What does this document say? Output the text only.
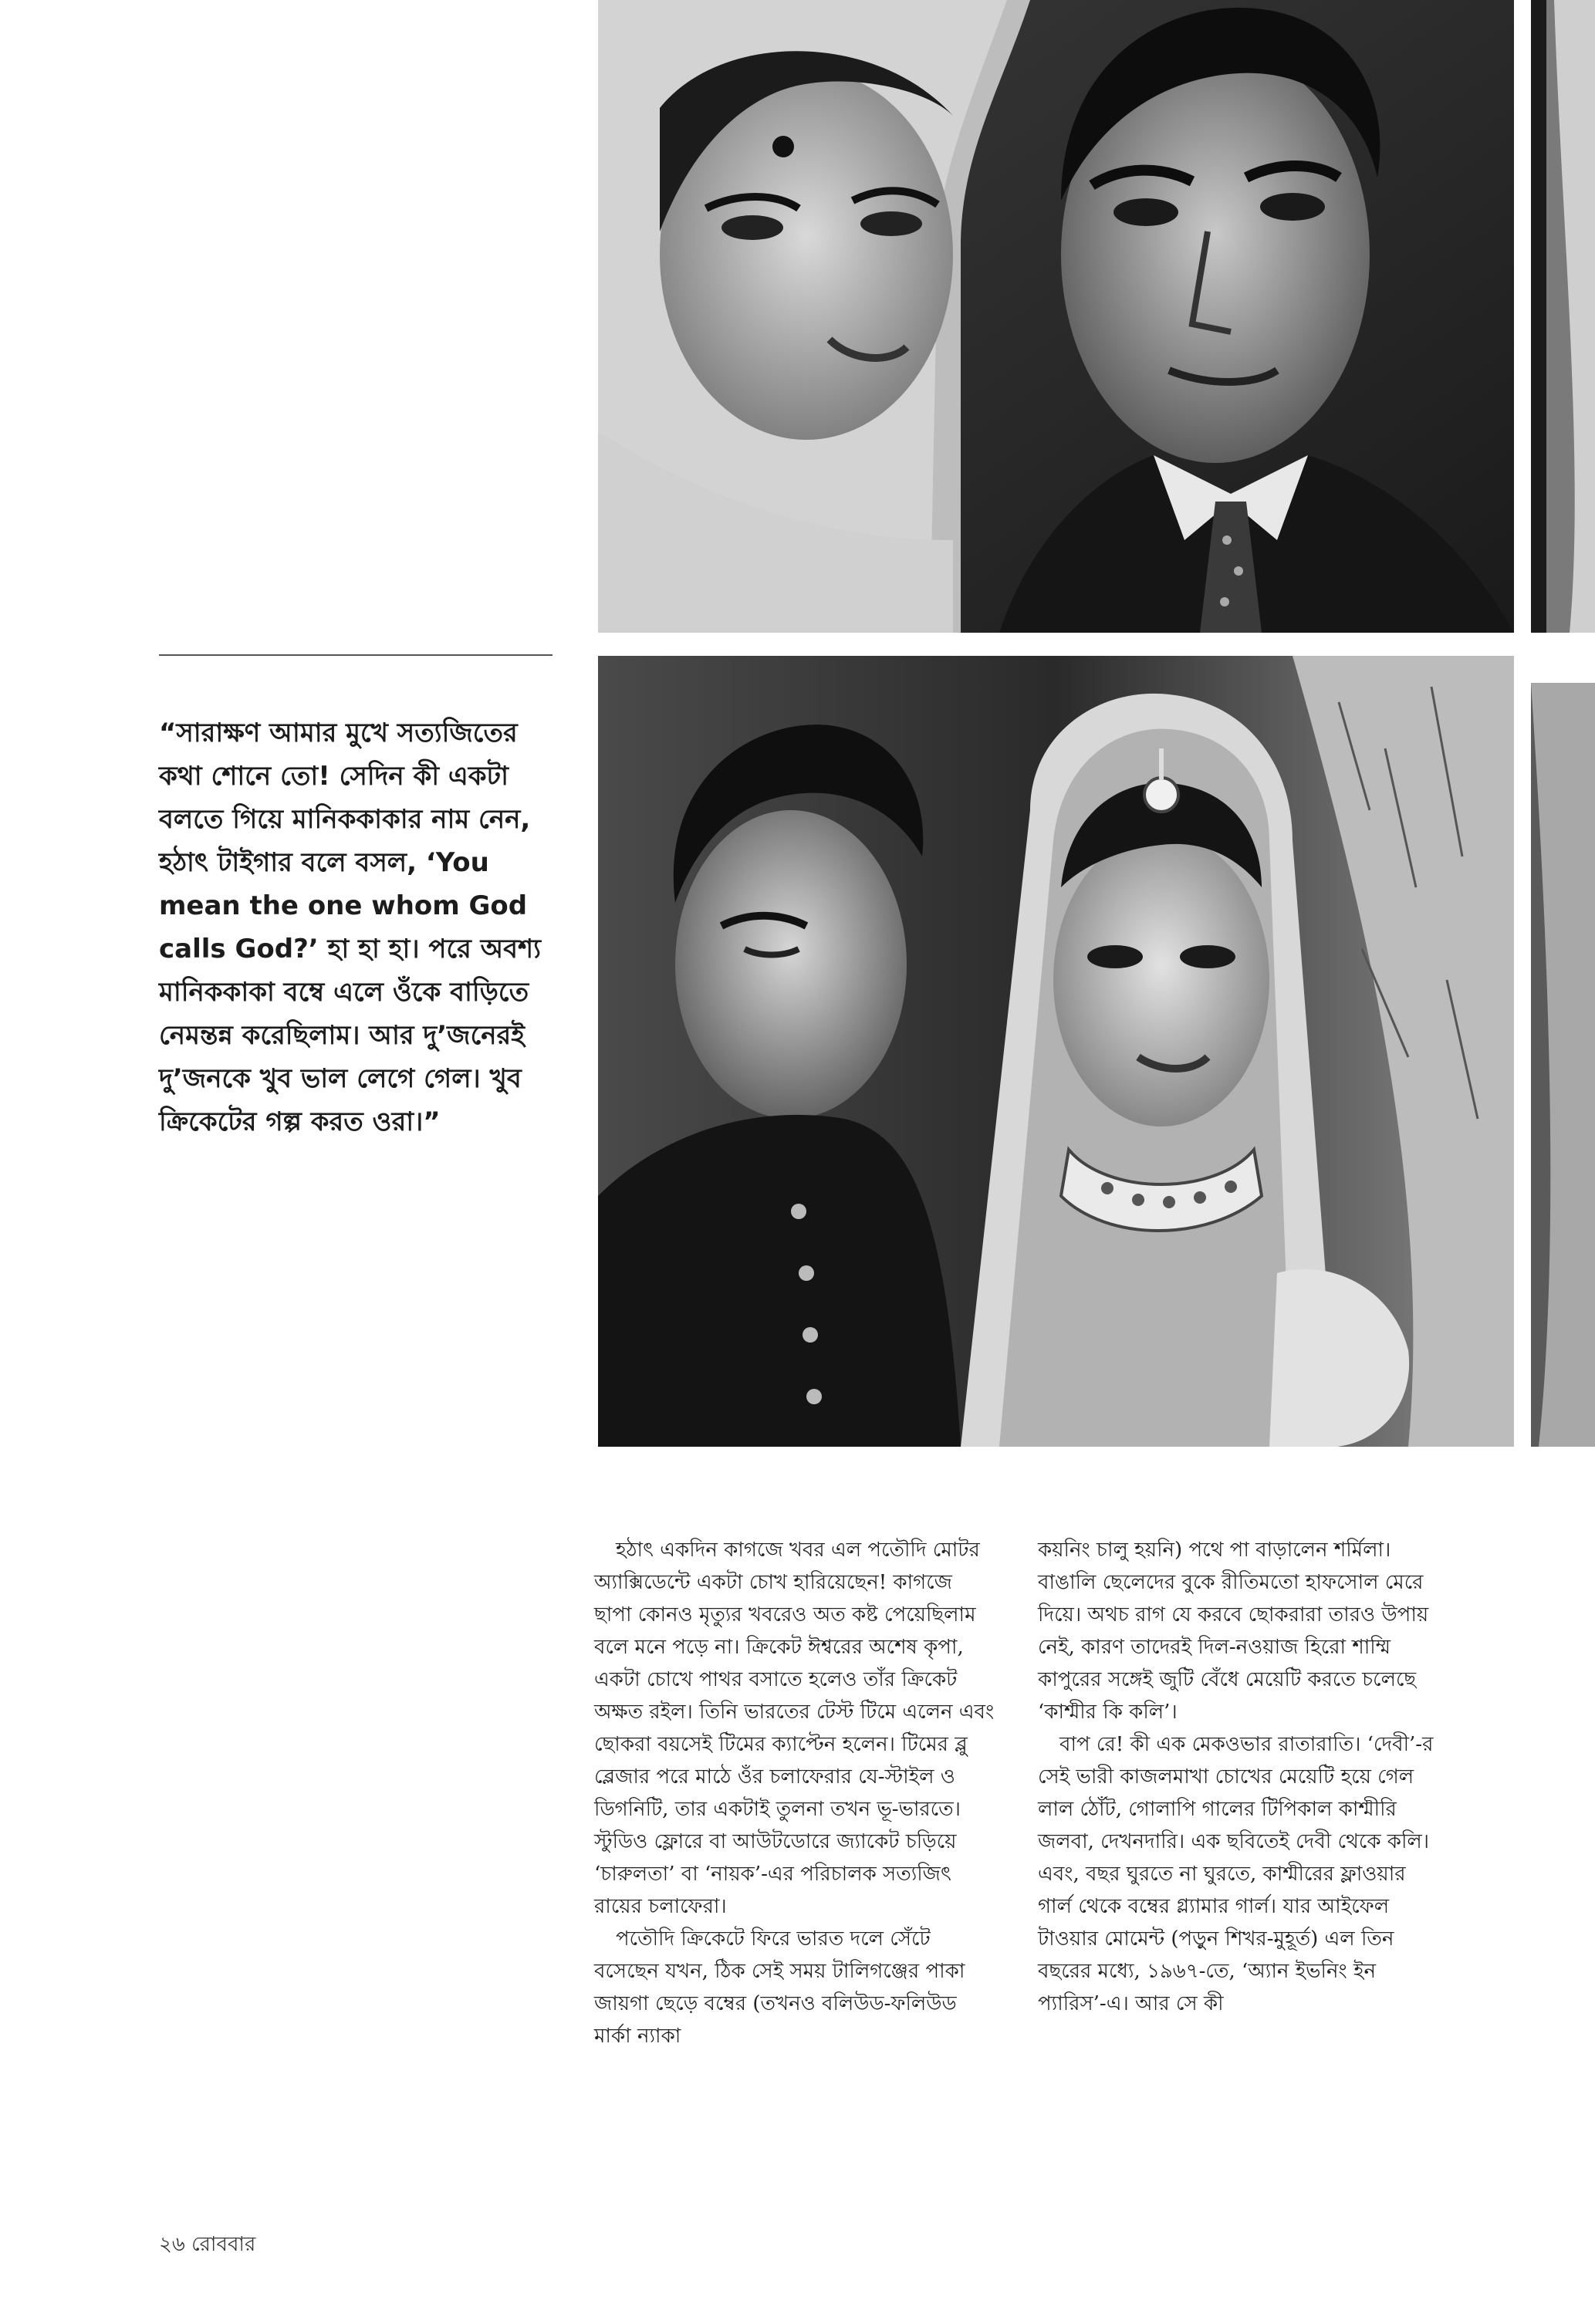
“সারাক্ষণ আমার মুখে সত্যজিতের কথা শোনে তো! সেদিন কী একটা বলতে গিয়ে মানিককাকার নাম নেন, হঠাৎ টাইগার বলে বসল, ‘You mean the one whom God calls God?’ হা হা হা। পরে অবশ্য মানিককাকা বম্বে এলে ওঁকে বাড়িতে নেমন্তন্ন করেছিলাম। আর দু’জনেরই দু’জনকে খুব ভাল লেগে গেল। খুব ক্রিকেটের গল্প করত ওরা।”

হঠাৎ একদিন কাগজে খবর এল পতৌদি মোটর অ্যাক্সিডেন্টে একটা চোখ হারিয়েছেন! কাগজে ছাপা কোনও মৃত্যুর খবরেও অত কষ্ট পেয়েছিলাম বলে মনে পড়ে না। ক্রিকেট ঈশ্বরের অশেষ কৃপা, একটা চোখে পাথর বসাতে হলেও তাঁর ক্রিকেট অক্ষত রইল। তিনি ভারতের টেস্ট টিমে এলেন এবং ছোকরা বয়সেই টিমের ক্যাপ্টেন হলেন। টিমের ব্লু ব্লেজার পরে মাঠে ওঁর চলাফেরার যে-স্টাইল ও ডিগনিটি, তার একটাই তুলনা তখন ভূ-ভারতে। স্টুডিও ফ্লোরে বা আউটডোরে জ্যাকেট চড়িয়ে ‘চারুলতা’ বা ‘নায়ক’-এর পরিচালক সত্যজিৎ রায়ের চলাফেরা।

পতৌদি ক্রিকেটে ফিরে ভারত দলে সেঁটে বসেছেন যখন, ঠিক সেই সময় টালিগঞ্জের পাকা জায়গা ছেড়ে বম্বের (তখনও বলিউড-ফলিউড মার্কা ন্যাকা

কয়নিং চালু হয়নি) পথে পা বাড়ালেন শর্মিলা। বাঙালি ছেলেদের বুকে রীতিমতো হাফসোল মেরে দিয়ে। অথচ রাগ যে করবে ছোকরারা তারও উপায় নেই, কারণ তাদেরই দিল-নওয়াজ হিরো শাম্মি কাপুরের সঙ্গেই জুটি বেঁধে মেয়েটি করতে চলেছে ‘কাশ্মীর কি কলি’।

বাপ রে! কী এক মেকওভার রাতারাতি। ‘দেবী’-র সেই ভারী কাজলমাখা চোখের মেয়েটি হয়ে গেল লাল ঠোঁট, গোলাপি গালের টিপিকাল কাশ্মীরি জলবা, দেখনদারি। এক ছবিতেই দেবী থেকে কলি। এবং, বছর ঘুরতে না ঘুরতে, কাশ্মীরের ফ্লাওয়ার গার্ল থেকে বম্বের গ্ল্যামার গার্ল। যার আইফেল টাওয়ার মোমেন্ট (পড়ুন শিখর-মুহূর্ত) এল তিন বছরের মধ্যে, ১৯৬৭-তে, ‘অ্যান ইভনিং ইন প্যারিস’-এ। আর সে কী

২৬ রোববার
